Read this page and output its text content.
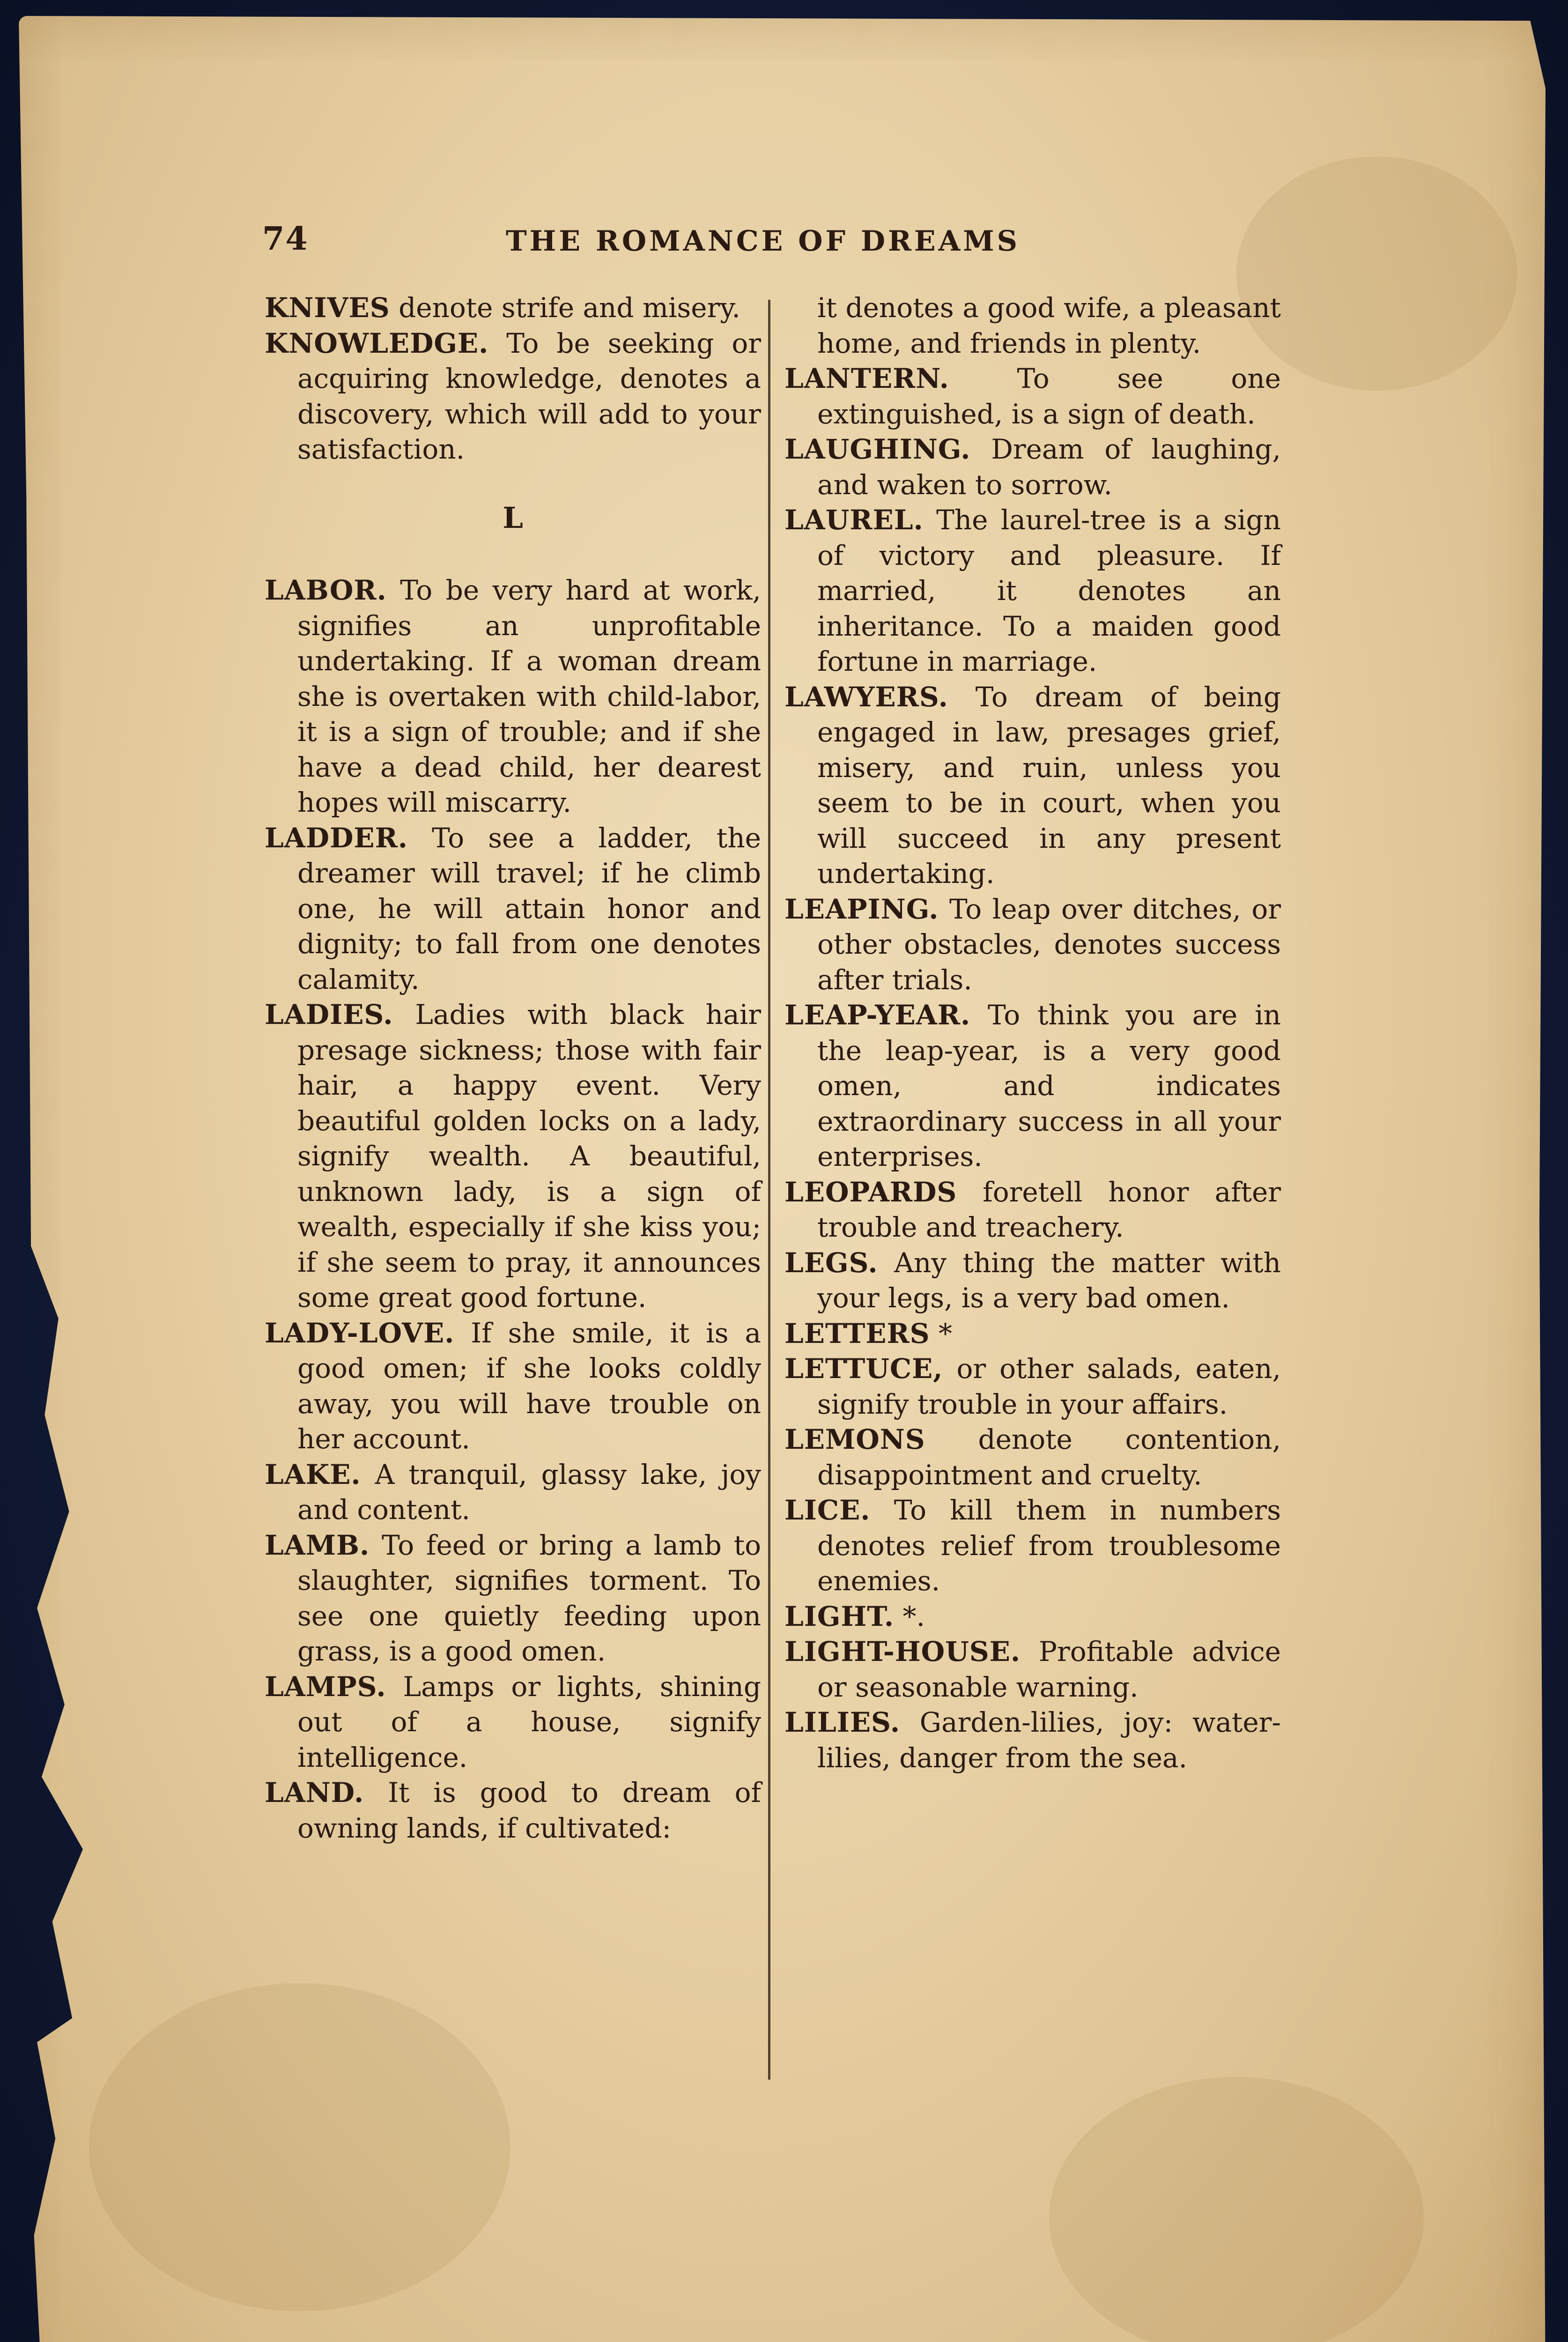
74	THE ROMANCE OF DREAMS

KNIVES denote strife and misery.

KNOWLEDGE. To be seeking or acquiring knowledge, denotes a discovery, which will add to your satisfaction.

L

LABOR. To be very hard at work, signifies an unprofitable undertaking. If a woman dream she is overtaken with child-labor, it is a sign of trouble; and if she have a dead child, her dearest hopes will miscarry.

LADDER. To see a ladder, the dreamer will travel; if he climb one, he will attain honor and dignity; to fall from one denotes calamity.

LADIES. Ladies with black hair presage sickness; those with fair hair, a happy event. Very beautiful golden locks on a lady, signify wealth. A beautiful, unknown lady, is a sign of wealth, especially if she kiss you; if she seem to pray, it announces some great good fortune.

LADY-LOVE. If she smile, it is a good omen; if she looks coldly away, you will have trouble on her account.

LAKE. A tranquil, glassy lake, joy and content.

LAMB. To feed or bring a lamb to slaughter, signifies torment. To see one quietly feeding upon grass, is a good omen.

LAMPS. Lamps or lights, shining out of a house, signify intelligence.

LAND. It is good to dream of owning lands, if cultivated:

it denotes a good wife, a pleasant home, and friends in plenty.

LANTERN. To see one extinguished, is a sign of death.

LAUGHING. Dream of laughing, and waken to sorrow.

LAUREL. The laurel-tree is a sign of victory and pleasure. If married, it denotes an inheritance. To a maiden good fortune in marriage.

LAWYERS. To dream of being engaged in law, presages grief, misery, and ruin, unless you seem to be in court, when you will succeed in any present undertaking.

LEAPING. To leap over ditches, or other obstacles, denotes success after trials.

LEAP-YEAR. To think you are in the leap-year, is a very good omen, and indicates extraordinary success in all your enterprises.

LEOPARDS foretell honor after trouble and treachery.

LEGS. Any thing the matter with your legs, is a very bad omen.

LETTERS *

LETTUCE, or other salads, eaten, signify trouble in your affairs.

LEMONS denote contention, disappointment and cruelty.

LICE. To kill them in numbers denotes relief from troublesome enemies.

LIGHT. *.

LIGHT-HOUSE. Profitable advice or seasonable warning.

LILIES. Garden-lilies, joy: water-lilies, danger from the sea.
